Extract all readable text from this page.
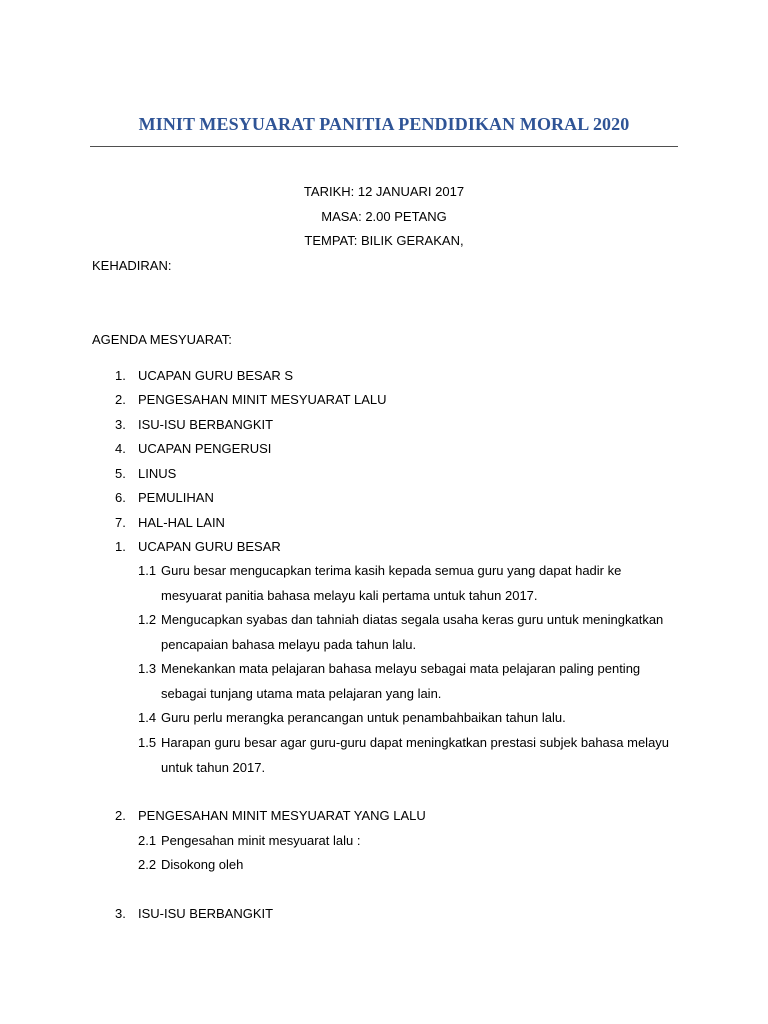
MINIT MESYUARAT PANITIA PENDIDIKAN MORAL 2020
TARIKH: 12 JANUARI 2017
MASA: 2.00 PETANG
TEMPAT: BILIK GERAKAN,
KEHADIRAN:
AGENDA MESYUARAT:
1. UCAPAN GURU BESAR S
2. PENGESAHAN MINIT MESYUARAT LALU
3. ISU-ISU BERBANGKIT
4. UCAPAN PENGERUSI
5. LINUS
6. PEMULIHAN
7. HAL-HAL LAIN
1. UCAPAN GURU BESAR
1.1 Guru besar mengucapkan terima kasih kepada semua guru yang dapat hadir ke
mesyuarat panitia bahasa melayu kali pertama untuk tahun 2017.
1.2 Mengucapkan syabas dan tahniah diatas segala usaha keras guru untuk meningkatkan
pencapaian bahasa melayu pada tahun lalu.
1.3 Menekankan mata pelajaran bahasa melayu sebagai mata pelajaran paling penting
sebagai tunjang utama mata pelajaran yang lain.
1.4 Guru perlu merangka perancangan untuk penambahbaikan tahun lalu.
1.5 Harapan guru besar agar guru-guru dapat meningkatkan prestasi subjek bahasa melayu
untuk tahun 2017.
2. PENGESAHAN MINIT MESYUARAT YANG LALU
2.1 Pengesahan minit mesyuarat lalu :
2.2 Disokong oleh
3. ISU-ISU BERBANGKIT
